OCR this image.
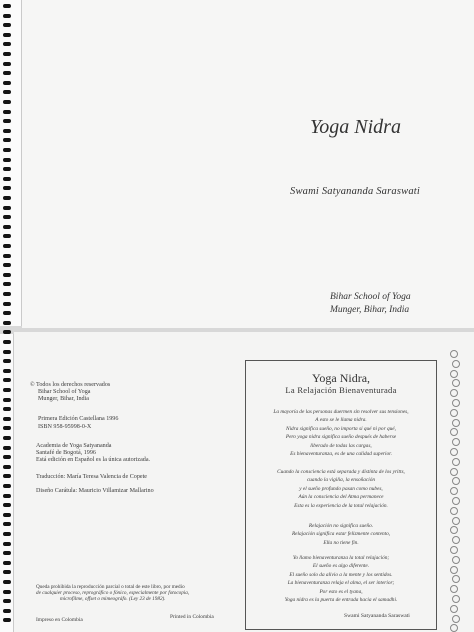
Yoga Nidra
Swami Satyananda Saraswati
Bihar School of Yoga
Munger, Bihar, India
© Todos los derechos reservados
Bihar School of Yoga
Munger, Bihar, India
Primera Edición Castellana 1996
ISBN 958-95998-0-X
Academia de Yoga Satyananda
Santafé de Bogotá, 1996
Está edición en Español es la única autorizada.
Traducción: María Teresa Valencia de Copete
Diseño Carátula: Mauricio Villamizar Mallarino
Queda prohibida la reproducción parcial o total de este libro, por medio
de cualquier proceso, reprográfico o fónico, especialmente por fotocopia,
microfilme, offset o mimeográfo. (Ley 23 de 1982).
Impreso en Colombia	Printed in Colombia
Yoga Nidra,
La Relajación Bienaventurada
La mayoría de las personas duermen sin resolver sus tensiones,
A esto se le llama nidra.
Nidra significa sueño, no importa si qué ni por qué,
Pero yoga nidra significa sueño después de haberse
liberado de todas las cargas,
Es bienaventuranza, es de una calidad superior.
Cuando la consciencia está separada y distinta de los yritts,
cuando la vigilia, la ensoñación
y el sueño profundo pasan como nubes,
Aún la consciencia del Atma permanece
Esta es la experiencia de la total relajación.
Relajación no significa sueño.
Relajación significa estar felizmente contento,
Ella no tiene fin.
Yo llamo bienaventuranza la total relajación;
El sueño es algo diferente.
El sueño solo da alivio a la mente y los sentidos.
La bienaventuranza relaja el alma, el ser interior;
Por esto es el tyana,
Yoga nidra es la puerta de entrada hacia el samadhi.
Swami Satyananda Saraswati
